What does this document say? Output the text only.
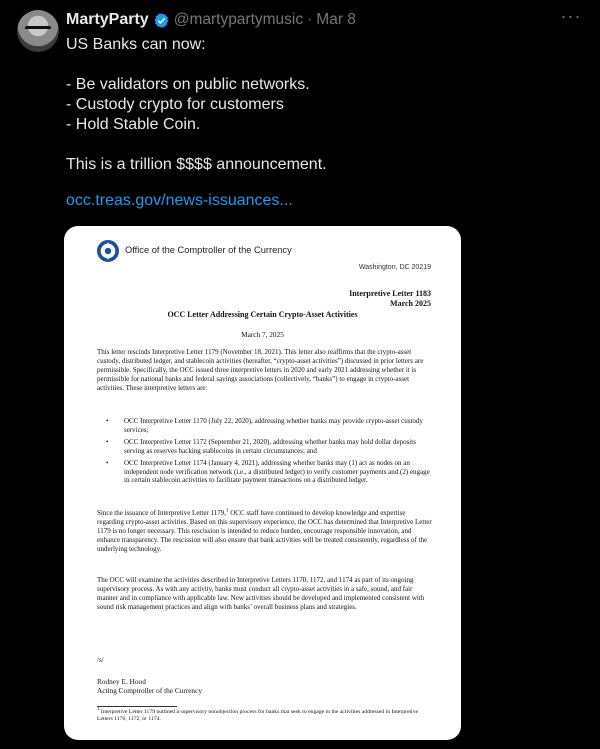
MartyParty @martypartymusic · Mar 8	···

US Banks can now:

- Be validators on public networks.

- Custody crypto for customers

- Hold Stable Coin.

This is a trillion $$$$ announcement.

occ.treas.gov/news-issuances...
Office of the Comptroller of the Currency
Washington, DC 20219
Interpretive Letter 1183
March 2025
OCC Letter Addressing Certain Crypto-Asset Activities
March 7, 2025
This letter rescinds Interpretive Letter 1179 (November 18, 2021). This letter also reaffirms that the crypto-asset custody, distributed ledger, and stablecoin activities (hereafter, “crypto-asset activities”) discussed in prior letters are permissible. Specifically, the OCC issued three interpretive letters in 2020 and early 2021 addressing whether it is permissible for national banks and federal savings associations (collectively, “banks”) to engage in crypto-asset activities. These interpretive letters are:
• OCC Interpretive Letter 1170 (July 22, 2020), addressing whether banks may provide crypto-asset custody services;
• OCC Interpretive Letter 1172 (September 21, 2020), addressing whether banks may hold dollar deposits serving as reserves backing stablecoins in certain circumstances; and
• OCC Interpretive Letter 1174 (January 4, 2021), addressing whether banks may (1) act as nodes on an independent node verification network (i.e., a distributed ledger) to verify customer payments and (2) engage in certain stablecoin activities to facilitate payment transactions on a distributed ledger.
Since the issuance of Interpretive Letter 1179,$^1$ OCC staff have continued to develop knowledge and expertise regarding crypto-asset activities. Based on this supervisory experience, the OCC has determined that Interpretive Letter 1179 is no longer necessary. This rescission is intended to reduce burden, encourage responsible innovation, and enhance transparency. The rescission will also ensure that bank activities will be treated consistently, regardless of the underlying technology.
The OCC will examine the activities described in Interpretive Letters 1170, 1172, and 1174 as part of its ongoing supervisory process. As with any activity, banks must conduct all crypto-asset activities in a safe, sound, and fair manner and in compliance with applicable law. New activities should be developed and implemented consistent with sound risk management practices and align with banks’ overall business plans and strategies.
/s/
Rodney E. Hood
Acting Comptroller of the Currency
$^1$ Interpretive Letter 1179 outlined a supervisory nonobjection process for banks that seek to engage in the activities addressed in Interpretive Letters 1170, 1172, or 1174.
